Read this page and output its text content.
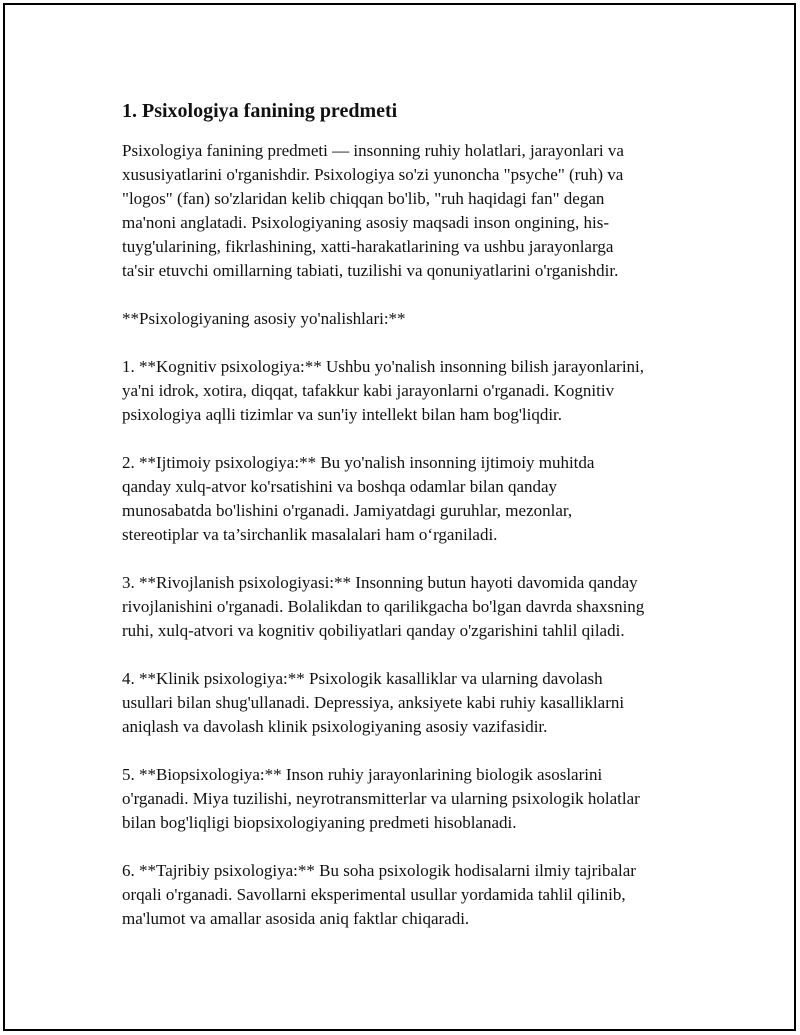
1. Psixologiya fanining predmeti

Psixologiya fanining predmeti — insonning ruhiy holatlari, jarayonlari va
xususiyatlarini o'rganishdir. Psixologiya so'zi yunoncha "psyche" (ruh) va
"logos" (fan) so'zlaridan kelib chiqqan bo'lib, "ruh haqidagi fan" degan
ma'noni anglatadi. Psixologiyaning asosiy maqsadi inson ongining, his-
tuyg'ularining, fikrlashining, xatti-harakatlarining va ushbu jarayonlarga
ta'sir etuvchi omillarning tabiati, tuzilishi va qonuniyatlarini o'rganishdir.

**Psixologiyaning asosiy yo'nalishlari:**

1. **Kognitiv psixologiya:** Ushbu yo'nalish insonning bilish jarayonlarini,
ya'ni idrok, xotira, diqqat, tafakkur kabi jarayonlarni o'rganadi. Kognitiv
psixologiya aqlli tizimlar va sun'iy intellekt bilan ham bog'liqdir.

2. **Ijtimoiy psixologiya:** Bu yo'nalish insonning ijtimoiy muhitda
qanday xulq-atvor ko'rsatishini va boshqa odamlar bilan qanday
munosabatda bo'lishini o'rganadi. Jamiyatdagi guruhlar, mezonlar,
stereotiplar va ta’sirchanlik masalalari ham o‘rganiladi.

3. **Rivojlanish psixologiyasi:** Insonning butun hayoti davomida qanday
rivojlanishini o'rganadi. Bolalikdan to qarilikgacha bo'lgan davrda shaxsning
ruhi, xulq-atvori va kognitiv qobiliyatlari qanday o'zgarishini tahlil qiladi.

4. **Klinik psixologiya:** Psixologik kasalliklar va ularning davolash
usullari bilan shug'ullanadi. Depressiya, anksiyete kabi ruhiy kasalliklarni
aniqlash va davolash klinik psixologiyaning asosiy vazifasidir.

5. **Biopsixologiya:** Inson ruhiy jarayonlarining biologik asoslarini
o'rganadi. Miya tuzilishi, neyrotransmitterlar va ularning psixologik holatlar
bilan bog'liqligi biopsixologiyaning predmeti hisoblanadi.

6. **Tajribiy psixologiya:** Bu soha psixologik hodisalarni ilmiy tajribalar
orqali o'rganadi. Savollarni eksperimental usullar yordamida tahlil qilinib,
ma'lumot va amallar asosida aniq faktlar chiqaradi.
